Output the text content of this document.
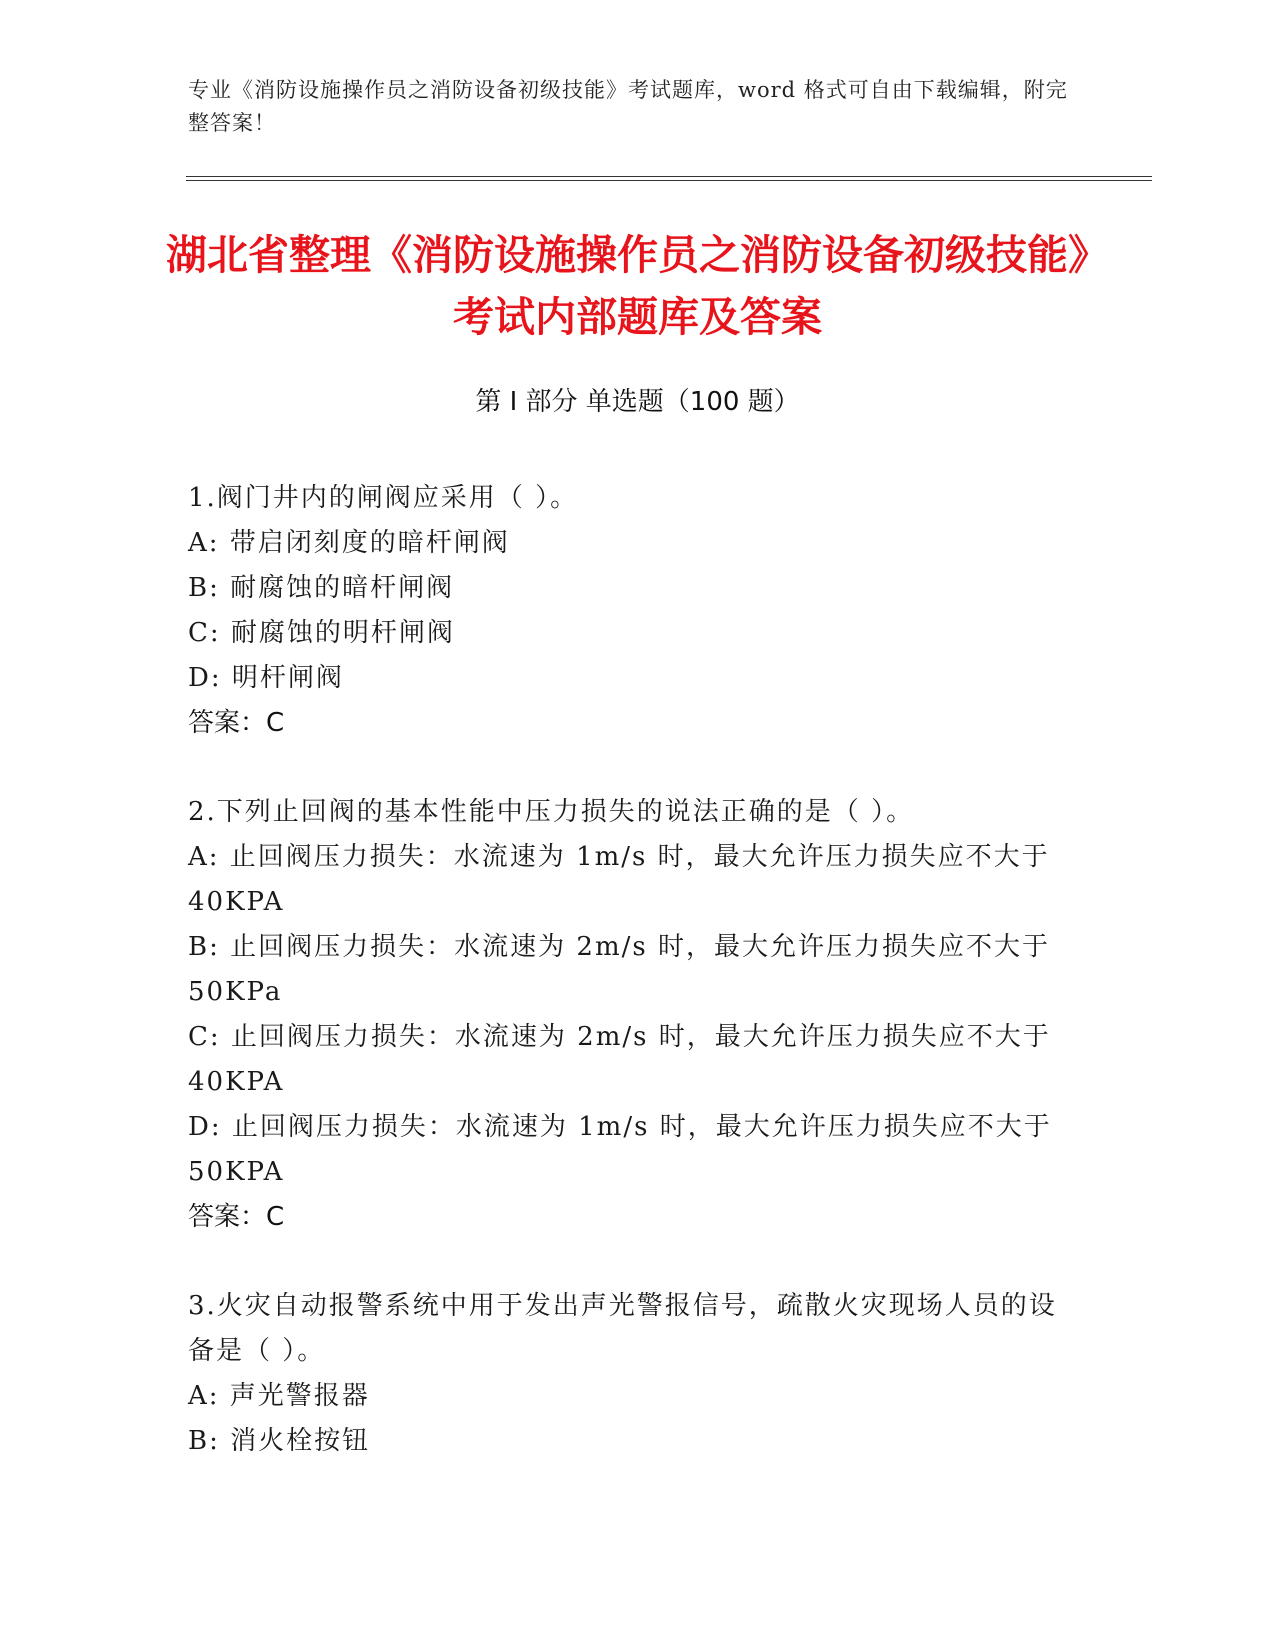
专业《消防设施操作员之消防设备初级技能》考试题库，word 格式可自由下载编辑，附完整答案！
湖北省整理《消防设施操作员之消防设备初级技能》考试内部题库及答案
第 I 部分 单选题（100 题）
1.阀门井内的闸阀应采用（ ）。
A: 带启闭刻度的暗杆闸阀
B: 耐腐蚀的暗杆闸阀
C: 耐腐蚀的明杆闸阀
D: 明杆闸阀
答案：C
2.下列止回阀的基本性能中压力损失的说法正确的是（ ）。
A: 止回阀压力损失：水流速为 1m/s 时，最大允许压力损失应不大于 40KPA
B: 止回阀压力损失：水流速为 2m/s 时，最大允许压力损失应不大于 50KPa
C: 止回阀压力损失：水流速为 2m/s 时，最大允许压力损失应不大于 40KPA
D: 止回阀压力损失：水流速为 1m/s 时，最大允许压力损失应不大于 50KPA
答案：C
3.火灾自动报警系统中用于发出声光警报信号，疏散火灾现场人员的设备是（ ）。
A: 声光警报器
B: 消火栓按钮
